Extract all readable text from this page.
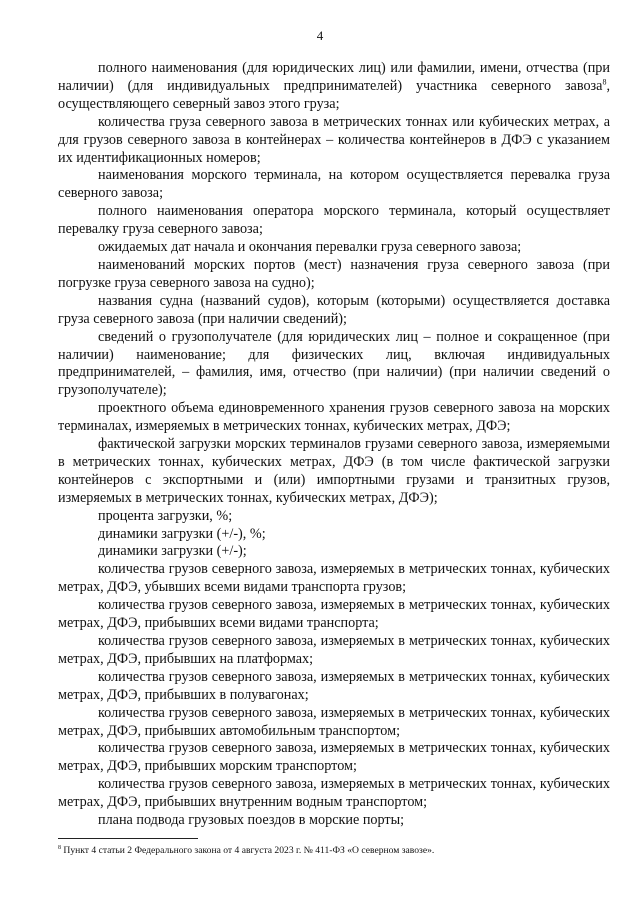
4

полного наименования (для юридических лиц) или фамилии, имени, отчества (при наличии) (для индивидуальных предпринимателей) участника северного завоза$^8$, осуществляющего северный завоз этого груза;

количества груза северного завоза в метрических тоннах или кубических метрах, а для грузов северного завоза в контейнерах – количества контейнеров в ДФЭ с указанием их идентификационных номеров;

наименования морского терминала, на котором осуществляется перевалка груза северного завоза;

полного наименования оператора морского терминала, который осуществляет перевалку груза северного завоза;

ожидаемых дат начала и окончания перевалки груза северного завоза;

наименований морских портов (мест) назначения груза северного завоза (при погрузке груза северного завоза на судно);

названия судна (названий судов), которым (которыми) осуществляется доставка груза северного завоза (при наличии сведений);

сведений о грузополучателе (для юридических лиц – полное и сокращенное (при наличии) наименование; для физических лиц, включая индивидуальных предпринимателей, – фамилия, имя, отчество (при наличии) (при наличии сведений о грузополучателе);

проектного объема единовременного хранения грузов северного завоза на морских терминалах, измеряемых в метрических тоннах, кубических метрах, ДФЭ;

фактической загрузки морских терминалов грузами северного завоза, измеряемыми в метрических тоннах, кубических метрах, ДФЭ (в том числе фактической загрузки контейнеров с экспортными и (или) импортными грузами и транзитных грузов, измеряемых в метрических тоннах, кубических метрах, ДФЭ);

процента загрузки, %;

динамики загрузки (+/-), %;

динамики загрузки (+/-);

количества грузов северного завоза, измеряемых в метрических тоннах, кубических метрах, ДФЭ, убывших всеми видами транспорта грузов;

количества грузов северного завоза, измеряемых в метрических тоннах, кубических метрах, ДФЭ, прибывших всеми видами транспорта;

количества грузов северного завоза, измеряемых в метрических тоннах, кубических метрах, ДФЭ, прибывших на платформах;

количества грузов северного завоза, измеряемых в метрических тоннах, кубических метрах, ДФЭ, прибывших в полувагонах;

количества грузов северного завоза, измеряемых в метрических тоннах, кубических метрах, ДФЭ, прибывших автомобильным транспортом;

количества грузов северного завоза, измеряемых в метрических тоннах, кубических метрах, ДФЭ, прибывших морским транспортом;

количества грузов северного завоза, измеряемых в метрических тоннах, кубических метрах, ДФЭ, прибывших внутренним водным транспортом;

плана подвода грузовых поездов в морские порты;

$^8$ Пункт 4 статьи 2 Федерального закона от 4 августа 2023 г. № 411-ФЗ «О северном завозе».
